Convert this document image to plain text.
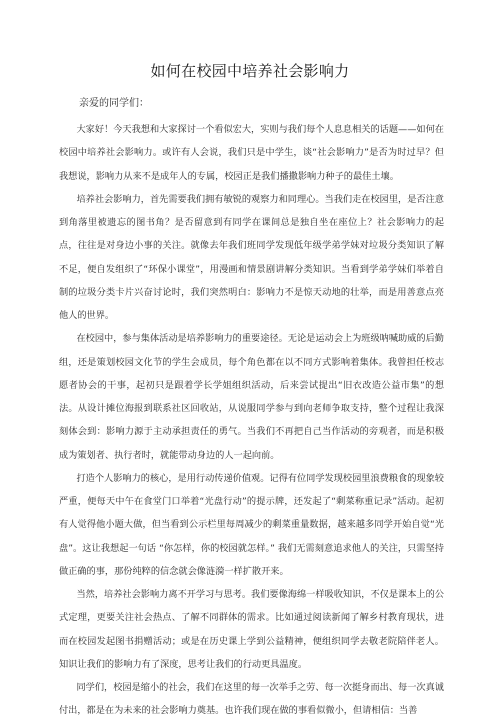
如何在校园中培养社会影响力
亲爱的同学们：

大家好！今天我想和大家探讨一个看似宏大，实则与我们每个人息息相关的话题——如何在校园中培养社会影响力。或许有人会说，我们只是中学生，谈“社会影响力”是否为时过早？但我想说，影响力从来不是成年人的专属，校园正是我们播撒影响力种子的最佳土壤。

培养社会影响力，首先需要我们拥有敏锐的观察力和同理心。当我们走在校园里，是否注意到角落里被遗忘的图书角？是否留意到有同学在课间总是独自坐在座位上？社会影响力的起点，往往是对身边小事的关注。就像去年我们班同学发现低年级学弟学妹对垃圾分类知识了解不足，便自发组织了“环保小课堂”，用漫画和情景剧讲解分类知识。当看到学弟学妹们举着自制的垃圾分类卡片兴奋讨论时，我们突然明白：影响力不是惊天动地的壮举，而是用善意点亮他人的世界。

在校园中，参与集体活动是培养影响力的重要途径。无论是运动会上为班级呐喊助威的后勤组，还是策划校园文化节的学生会成员，每个角色都在以不同方式影响着集体。我曾担任校志愿者协会的干事，起初只是跟着学长学姐组织活动，后来尝试提出“旧衣改造公益市集”的想法。从设计摊位海报到联系社区回收站，从说服同学参与到向老师争取支持，整个过程让我深刻体会到：影响力源于主动承担责任的勇气。当我们不再把自己当作活动的旁观者，而是积极成为策划者、执行者时，就能带动身边的人一起向前。

打造个人影响力的核心，是用行动传递价值观。记得有位同学发现校园里浪费粮食的现象较严重，便每天中午在食堂门口举着“光盘行动”的提示牌，还发起了“剩菜称重记录”活动。起初有人觉得他小题大做，但当看到公示栏里每周减少的剩菜重量数据，越来越多同学开始自觉“光盘”。这让我想起一句话 “你怎样，你的校园就怎样。” 我们无需刻意追求他人的关注，只需坚持做正确的事，那份纯粹的信念就会像涟漪一样扩散开来。

当然，培养社会影响力离不开学习与思考。我们要像海绵一样吸收知识，不仅是课本上的公式定理，更要关注社会热点、了解不同群体的需求。比如通过阅读新闻了解乡村教育现状，进而在校园发起图书捐赠活动；或是在历史课上学到公益精神，便组织同学去敬老院陪伴老人。知识让我们的影响力有了深度，思考让我们的行动更具温度。

同学们，校园是缩小的社会，我们在这里的每一次举手之劳、每一次挺身而出、每一次真诚付出，都是在为未来的社会影响力奠基。也许我们现在做的事看似微小，但请相信：当善
